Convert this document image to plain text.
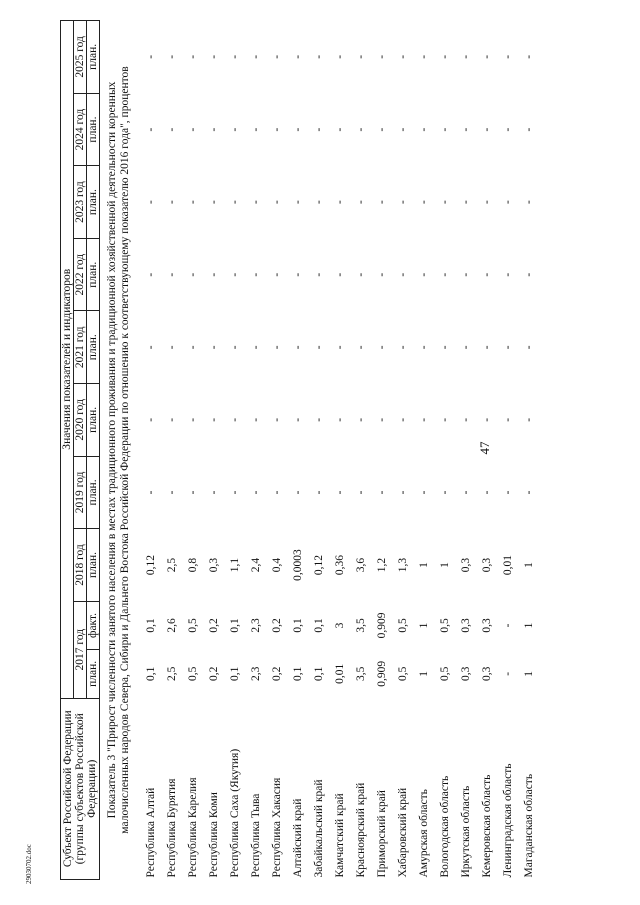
47
29030702.doc	Субъект Российской Федерации (группы субъектов Российской Федерации)	Значения показателей и индикаторов									
	2017 год		2018 год	2019 год	2020 год	2021 год	2022 год	2023 год	2024 год	2025 год
	план.	факт.	план.	план.	план.	план.	план.	план.	план.	план.
Показатель 3 "Прирост численности занятого населения в местах традиционного проживания и традиционной хозяйственной деятельности коренных малочисленных народов Севера, Сибири и Дальнего Востока Российской Федерации по отношению к соответствующему показателю 2016 года", процентов										
Республика Алтай	0,1	0,1	0,12	-	-	-	-	-	-	-
Республика Бурятия	2,5	2,6	2,5	-	-	-	-	-	-	-
Республика Карелия	0,5	0,5	0,8	-	-	-	-	-	-	-
Республика Коми	0,2	0,2	0,3	-	-	-	-	-	-	-
Республика Саха (Якутия)	0,1	0,1	1,1	-	-	-	-	-	-	-
Республика Тыва	2,3	2,3	2,4	-	-	-	-	-	-	-
Республика Хакасия	0,2	0,2	0,4	-	-	-	-	-	-	-
Алтайский край	0,1	0,1	0,0003	-	-	-	-	-	-	-
Забайкальский край	0,1	0,1	0,12	-	-	-	-	-	-	-
Камчатский край	0,01	3	0,36	-	-	-	-	-	-	-
Красноярский край	3,5	3,5	3,6	-	-	-	-	-	-	-
Приморский край	0,909	0,909	1,2	-	-	-	-	-	-	-
Хабаровский край	0,5	0,5	1,3	-	-	-	-	-	-	-
Амурская область	1	1	1	-	-	-	-	-	-	-
Вологодская область	0,5	0,5	1	-	-	-	-	-	-	-
Иркутская область	0,3	0,3	0,3	-	-	-	-	-	-	-
Кемеровская область	0,3	0,3	0,3	-	-	-	-	-	-	-
Ленинградская область	-	-	0,01	-	-	-	-	-	-	-
Магаданская область	1	1	1	-	-	-	-	-	-	-
